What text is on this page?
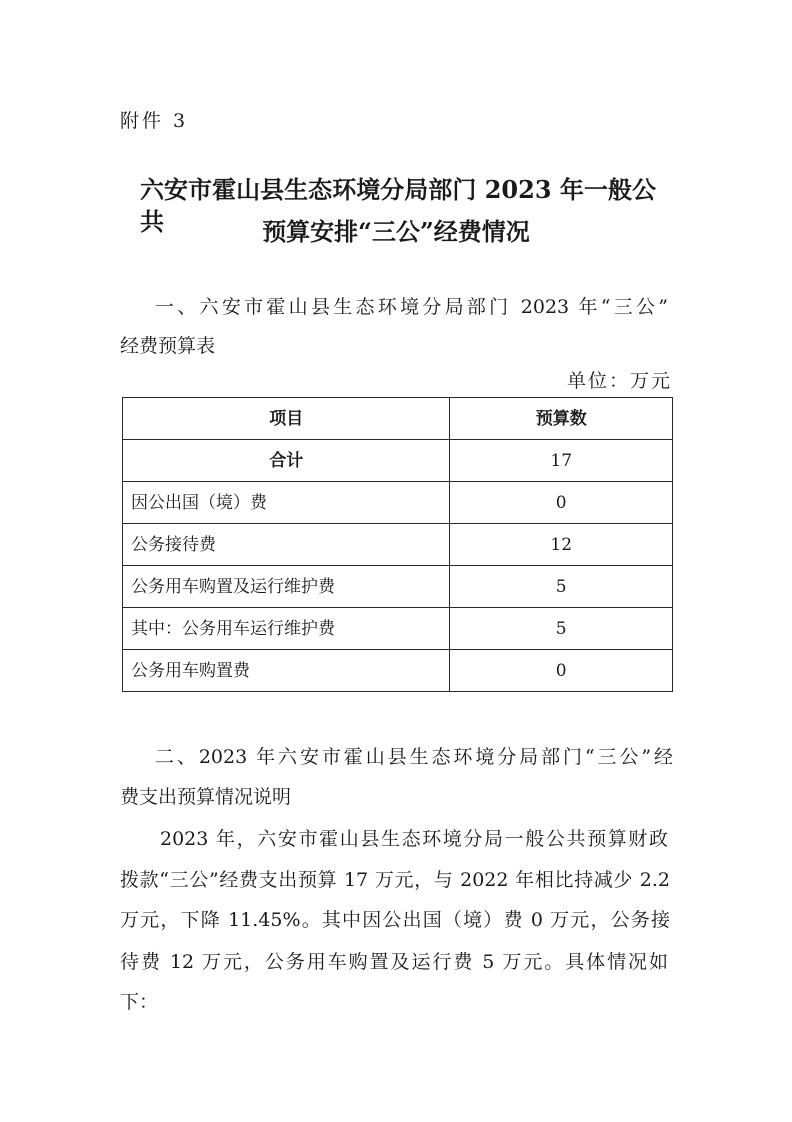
附件 3
六安市霍山县生态环境分局部门 2023 年一般公共	预算安排“三公”经费情况
一、六安市霍山县生态环境分局部门 2023 年“三公”
经费预算表
单位：万元
项目	预算数
合计	17
因公出国（境）费	0
公务接待费	12
公务用车购置及运行维护费	5
其中：公务用车运行维护费	5
公务用车购置费	0
二、2023 年六安市霍山县生态环境分局部门“三公”经
费支出预算情况说明
2023 年，六安市霍山县生态环境分局一般公共预算财政
拨款“三公”经费支出预算 17 万元，与 2022 年相比持减少 2.2
万元，下降 11.45%。其中因公出国（境）费 0 万元，公务接
待费 12 万元，公务用车购置及运行费 5 万元。具体情况如
下：
